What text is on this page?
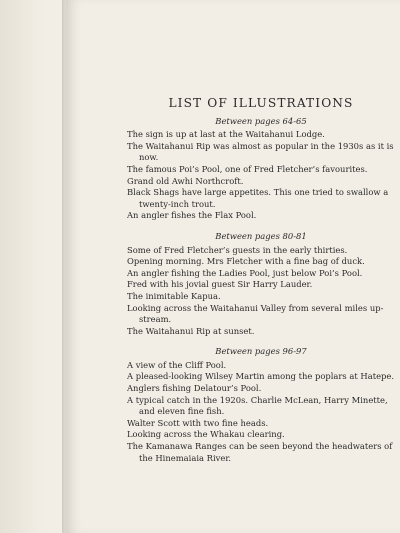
LIST OF ILLUSTRATIONS
Between pages 64-65
The sign is up at last at the Waitahanui Lodge.
The Waitahanui Rip was almost as popular in the 1930s as it is now.
The famous Poi’s Pool, one of Fred Fletcher’s favourites.
Grand old Awhi Northcroft.
Black Shags have large appetites. This one tried to swallow a twenty-inch trout.
An angler fishes the Flax Pool.
Between pages 80-81
Some of Fred Fletcher’s guests in the early thirties.
Opening morning. Mrs Fletcher with a fine bag of duck.
An angler fishing the Ladies Pool, just below Poi’s Pool.
Fred with his jovial guest Sir Harry Lauder.
The inimitable Kapua.
Looking across the Waitahanui Valley from several miles up-stream.
The Waitahanui Rip at sunset.
Between pages 96-97
A view of the Cliff Pool.
A pleased-looking Wilsey Martin among the poplars at Hatepe.
Anglers fishing Delatour’s Pool.
A typical catch in the 1920s. Charlie McLean, Harry Minette, and eleven fine fish.
Walter Scott with two fine heads.
Looking across the Whakau clearing.
The Kamanawa Ranges can be seen beyond the headwaters of the Hinemaiaia River.
